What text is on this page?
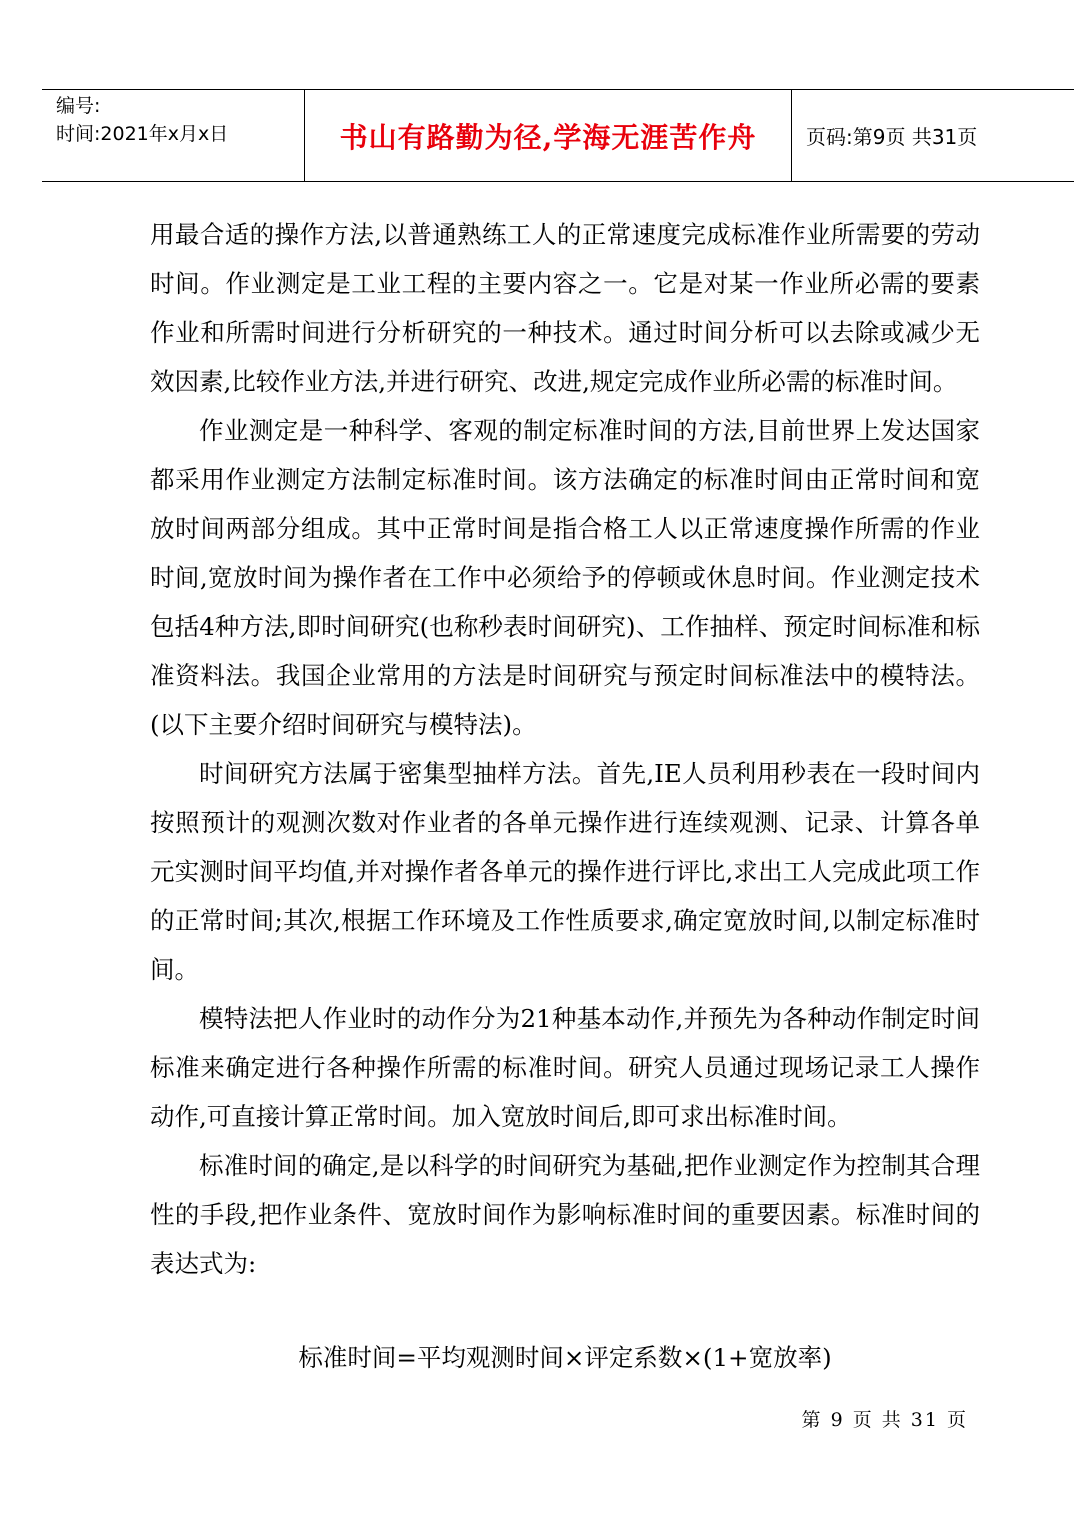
编号:
时间:2021年x月x日	书山有路勤为径,学海无涯苦作舟	页码:第9页 共31页

用最合适的操作方法,以普通熟练工人的正常速度完成标准作业所需要的劳动时间。作业测定是工业工程的主要内容之一。它是对某一作业所必需的要素作业和所需时间进行分析研究的一种技术。通过时间分析可以去除或减少无效因素,比较作业方法,并进行研究、改进,规定完成作业所必需的标准时间。

作业测定是一种科学、客观的制定标准时间的方法,目前世界上发达国家都采用作业测定方法制定标准时间。该方法确定的标准时间由正常时间和宽放时间两部分组成。其中正常时间是指合格工人以正常速度操作所需的作业时间,宽放时间为操作者在工作中必须给予的停顿或休息时间。作业测定技术包括4种方法,即时间研究(也称秒表时间研究)、工作抽样、预定时间标准和标准资料法。我国企业常用的方法是时间研究与预定时间标准法中的模特法。(以下主要介绍时间研究与模特法)。

时间研究方法属于密集型抽样方法。首先,IE人员利用秒表在一段时间内按照预计的观测次数对作业者的各单元操作进行连续观测、记录、计算各单元实测时间平均值,并对操作者各单元的操作进行评比,求出工人完成此项工作的正常时间;其次,根据工作环境及工作性质要求,确定宽放时间,以制定标准时间。

模特法把人作业时的动作分为21种基本动作,并预先为各种动作制定时间标准来确定进行各种操作所需的标准时间。研究人员通过现场记录工人操作动作,可直接计算正常时间。加入宽放时间后,即可求出标准时间。

标准时间的确定,是以科学的时间研究为基础,把作业测定作为控制其合理性的手段,把作业条件、宽放时间作为影响标准时间的重要因素。标准时间的表达式为:

标准时间=平均观测时间×评定系数×(1+宽放率)
第 9 页 共 31 页
